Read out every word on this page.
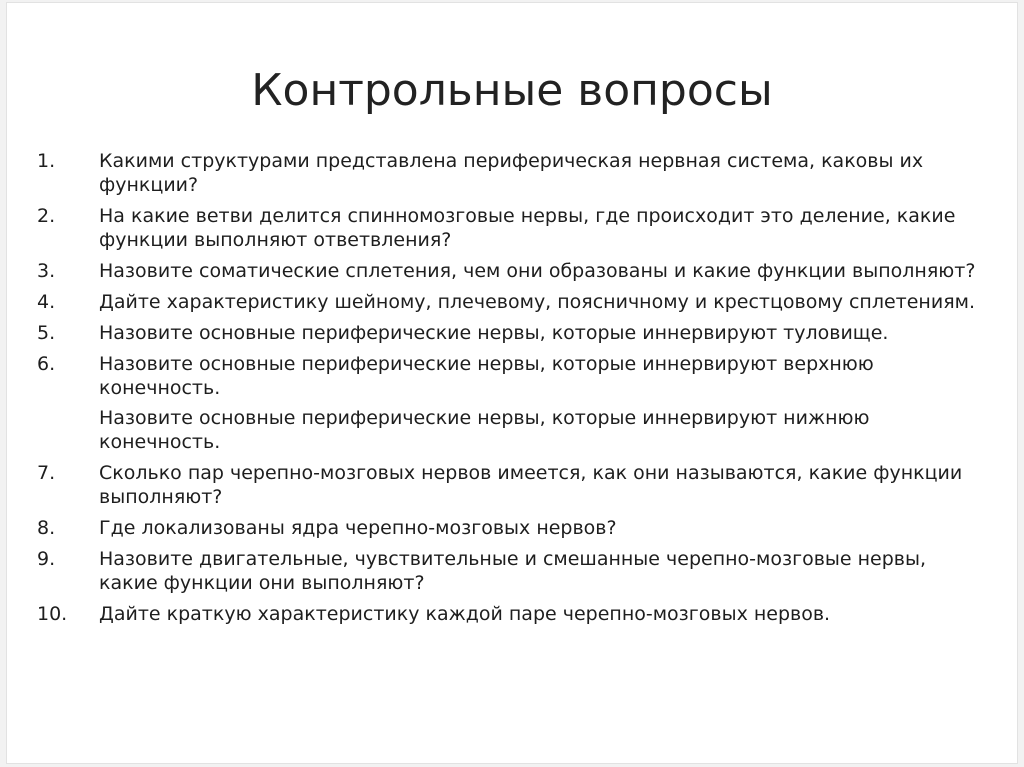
Контрольные вопросы
1.	Какими структурами представлена периферическая нервная система, каковы их функции?
2.	На какие ветви делится спинномозговые нервы, где происходит это деление, какие функции выполняют ответвления?
3.	Назовите соматические сплетения, чем они образованы и какие функции выполняют?
4.	Дайте характеристику шейному, плечевому, поясничному и крестцовому сплетениям.
5.	Назовите основные периферические нервы, которые иннервируют туловище.
6.	Назовите основные периферические нервы, которые иннервируют верхнюю конечность.
Назовите основные периферические нервы, которые иннервируют нижнюю конечность.
7.	Сколько пар черепно-мозговых нервов имеется, как они называются, какие функции выполняют?
8.	Где локализованы ядра черепно-мозговых нервов?
9.	Назовите двигательные, чувствительные и смешанные черепно-мозговые нервы, какие функции они выполняют?
10.	Дайте краткую характеристику каждой паре черепно-мозговых нервов.
